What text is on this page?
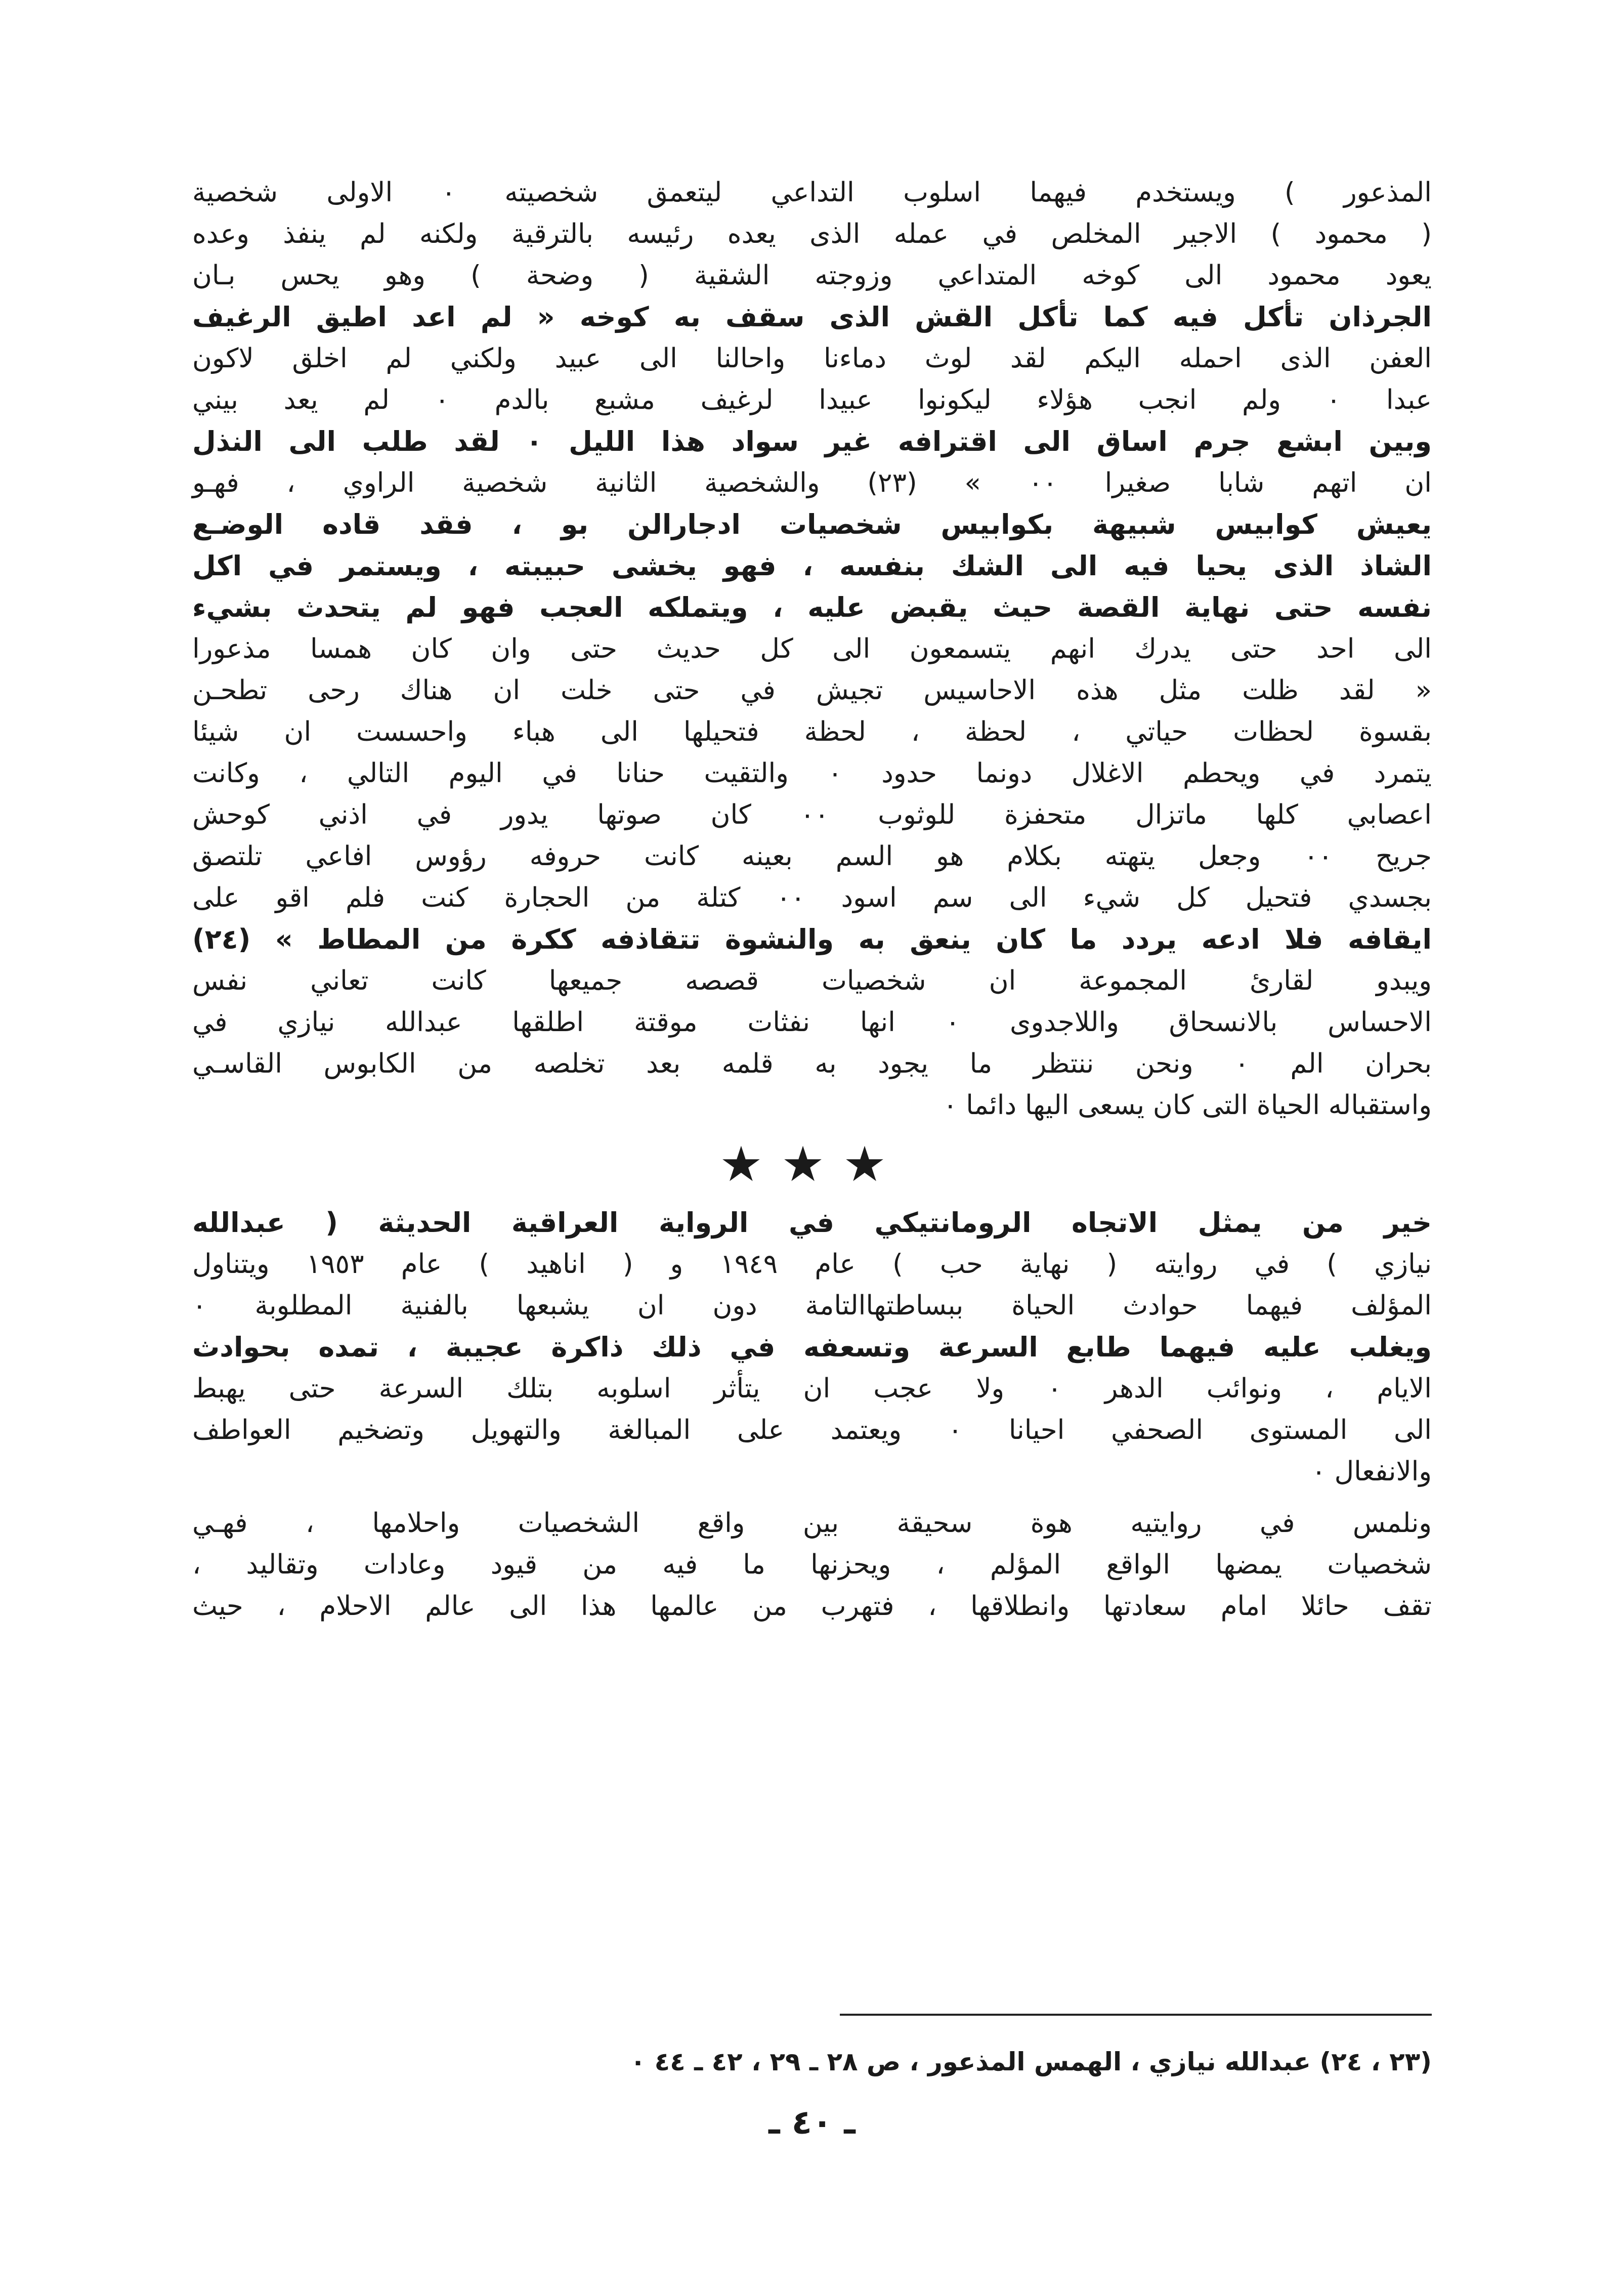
المذعور ) ويستخدم فيهما اسلوب التداعي ليتعمق شخصيته ٠ الاولى شخصية
( محمود ) الاجير المخلص في عمله الذى يعده رئيسه بالترقية ولكنه لم ينفذ وعده
يعود محمود الى كوخه المتداعي وزوجته الشقية ( وضحة ) وهو يحس بـان
الجرذان تأكل فيه كما تأكل القش الذى سقف به كوخه « لم اعد اطيق الرغيف
العفن الذى احمله اليكم لقد لوث دماءنا واحالنا الى عبيد ولكني لم اخلق لاكون
عبدا ٠ ولم انجب هؤلاء ليكونوا عبيدا لرغيف مشبع بالدم ٠ لم يعد بيني
وبين ابشع جرم اساق الى اقترافه غير سواد هذا الليل ٠ لقد طلب الى النذل
ان اتهم شابا صغيرا ٠٠ » (٢٣) والشخصية الثانية شخصية الراوي ، فهـو
يعيش كوابيس شبيهة بكوابيس شخصيات ادجارالن بو ، فقد قاده الوضـع
الشاذ الذى يحيا فيه الى الشك بنفسه ، فهو يخشى حبيبته ، ويستمر في اكل
نفسه حتى نهاية القصة حيث يقبض عليه ، ويتملكه العجب فهو لم يتحدث بشيء
الى احد حتى يدرك انهم يتسمعون الى كل حديث حتى وان كان همسا مذعورا
« لقد ظلت مثل هذه الاحاسيس تجيش في حتى خلت ان هناك رحى تطحـن
بقسوة لحظات حياتي ، لحظة ، لحظة فتحيلها الى هباء واحسست ان شيئا
يتمرد في ويحطم الاغلال دونما حدود ٠ والتقيت حنانا في اليوم التالي ، وكانت
اعصابي كلها ماتزال متحفزة للوثوب ٠٠ كان صوتها يدور في اذني كوحش
جريح ٠٠ وجعل يتهته بكلام هو السم بعينه كانت حروفه رؤوس افاعي تلتصق
بجسدي فتحيل كل شيء الى سم اسود ٠٠ كتلة من الحجارة كنت فلم اقو على
ايقافه فلا ادعه يردد ما كان ينعق به والنشوة تتقاذفه ككرة من المطاط » (٢٤)
ويبدو لقارئ المجموعة ان شخصيات قصصه جميعها كانت تعاني نفس
الاحساس بالانسحاق واللاجدوى ٠ انها نفثات موقتة اطلقها عبدالله نيازي في
بحران الم ٠ ونحن ننتظر ما يجود به قلمه بعد تخلصه من الكابوس القاسـي
واستقباله الحياة التى كان يسعى اليها دائما ٠
★★★
خير من يمثل الاتجاه الرومانتيكي في الرواية العراقية الحديثة ( عبدالله
نيازي ) في روايته ( نهاية حب ) عام ١٩٤٩ و ( اناهيد ) عام ١٩٥٣ ويتناول
المؤلف فيهما حوادث الحياة ببساطتهاالتامة دون ان يشبعها بالفنية المطلوبة ٠
ويغلب عليه فيهما طابع السرعة وتسعفه في ذلك ذاكرة عجيبة ، تمده بحوادث
الايام ، ونوائب الدهر ٠ ولا عجب ان يتأثر اسلوبه بتلك السرعة حتى يهبط
الى المستوى الصحفي احيانا ٠ ويعتمد على المبالغة والتهويل وتضخيم العواطف
والانفعال ٠
ونلمس في روايتيه هوة سحيقة بين واقع الشخصيات واحلامها ، فهـي
شخصيات يمضها الواقع المؤلم ، ويحزنها ما فيه من قيود وعادات وتقاليد ،
تقف حائلا امام سعادتها وانطلاقها ، فتهرب من عالمها هذا الى عالم الاحلام ، حيث
(٢٣ ، ٢٤) عبدالله نيازي ، الهمس المذعور ، ص ٢٨ ـ ٢٩ ، ٤٢ ـ ٤٤ ٠
ـ ٤٠ ـ
